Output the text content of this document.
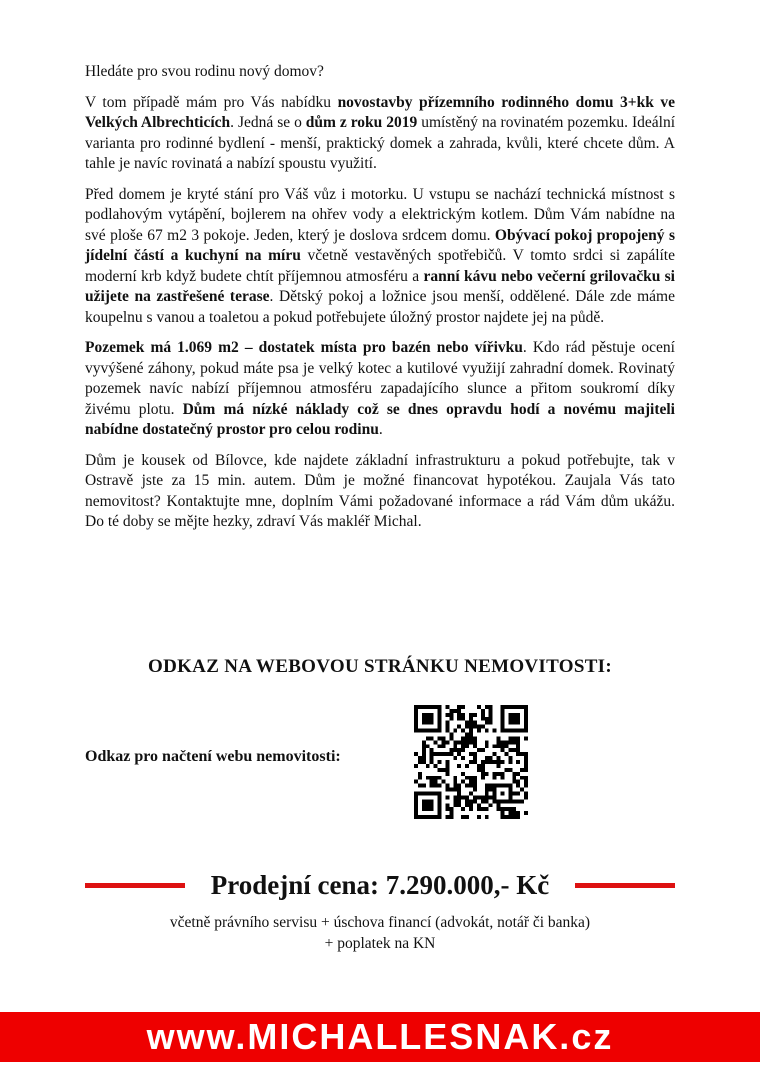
Hledáte pro svou rodinu nový domov?

V tom případě mám pro Vás nabídku novostavby přízemního rodinného domu 3+kk ve Velkých Albrechticích. Jedná se o dům z roku 2019 umístěný na rovinatém pozemku. Ideální varianta pro rodinné bydlení - menší, praktický domek a zahrada, kvůli, které chcete dům. A tahle je navíc rovinatá a nabízí spoustu využití.

Před domem je kryté stání pro Váš vůz i motorku. U vstupu se nachází technická místnost s podlahovým vytápění, bojlerem na ohřev vody a elektrickým kotlem. Dům Vám nabídne na své ploše 67 m2 3 pokoje. Jeden, který je doslova srdcem domu. Obývací pokoj propojený s jídelní částí a kuchyní na míru včetně vestavěných spotřebičů. V tomto srdci si zapálíte moderní krb když budete chtít příjemnou atmosféru a ranní kávu nebo večerní grilovačku si užijete na zastřešené terase. Dětský pokoj a ložnice jsou menší, oddělené. Dále zde máme koupelnu s vanou a toaletou a pokud potřebujete úložný prostor najdete jej na půdě.

Pozemek má 1.069 m2 – dostatek místa pro bazén nebo vířivku. Kdo rád pěstuje ocení vyvýšené záhony, pokud máte psa je velký kotec a kutilové využijí zahradní domek. Rovinatý pozemek navíc nabízí příjemnou atmosféru zapadajícího slunce a přitom soukromí díky živému plotu. Dům má nízké náklady což se dnes opravdu hodí a novému majiteli nabídne dostatečný prostor pro celou rodinu.

Dům je kousek od Bílovce, kde najdete základní infrastrukturu a pokud potřebujte, tak v Ostravě jste za 15 min. autem. Dům je možné financovat hypotékou. Zaujala Vás tato nemovitost? Kontaktujte mne, doplním Vámi požadované informace a rád Vám dům ukážu. Do té doby se mějte hezky, zdraví Vás makléř Michal.

ODKAZ NA WEBOVOU STRÁNKU NEMOVITOSTI:

Odkaz pro načtení webu nemovitosti:

Prodejní cena: 7.290.000,- Kč

včetně právního servisu + úschova financí (advokát, notář či banka)

+ poplatek na KN

www.MICHALLESNAK.cz
